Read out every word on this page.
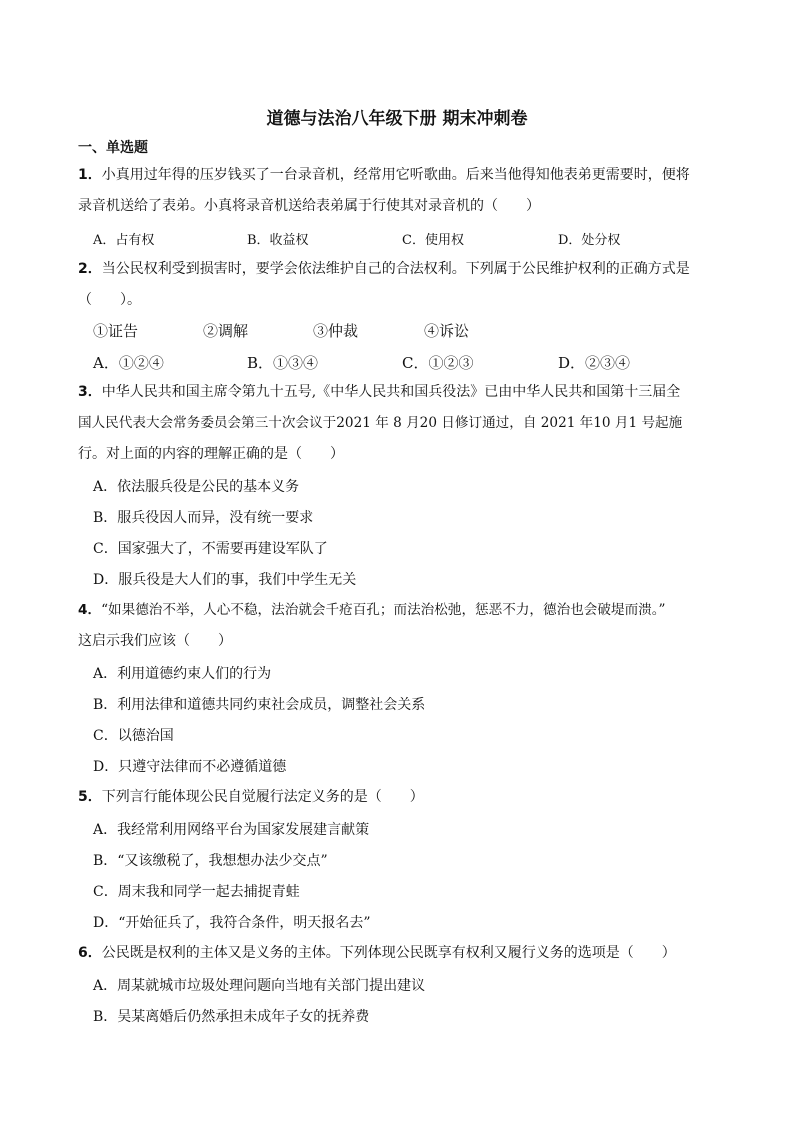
道德与法治八年级下册 期末冲刺卷
一、单选题
1．小真用过年得的压岁钱买了一台录音机，经常用它听歌曲。后来当他得知他表弟更需要时，便将
录音机送给了表弟。小真将录音机送给表弟属于行使其对录音机的（　　）
A．占有权	B．收益权	C．使用权	D．处分权
2．当公民权利受到损害时，要学会依法维护自己的合法权利。下列属于公民维护权利的正确方式是
（　　）。
①证告	②调解	③仲裁	④诉讼
A．①②④	B．①③④	C．①②③	D．②③④
3．中华人民共和国主席令第九十五号,《中华人民共和国兵役法》已由中华人民共和国第十三届全
国人民代表大会常务委员会第三十次会议于2021 年 8 月20 日修订通过，自 2021 年10 月1 号起施
行。对上面的内容的理解正确的是（　　）
A．依法服兵役是公民的基本义务
B．服兵役因人而异，没有统一要求
C．国家强大了，不需要再建设军队了
D．服兵役是大人们的事，我们中学生无关
4．“如果德治不举，人心不稳，法治就会千疮百孔；而法治松弛，惩恶不力，德治也会破堤而溃。”
这启示我们应该（　　）
A．利用道德约束人们的行为
B．利用法律和道德共同约束社会成员，调整社会关系
C．以德治国
D．只遵守法律而不必遵循道德
5．下列言行能体现公民自觉履行法定义务的是（　　）
A．我经常利用网络平台为国家发展建言献策
B．“又该缴税了，我想想办法少交点”
C．周末我和同学一起去捕捉青蛙
D．“开始征兵了，我符合条件，明天报名去”
6．公民既是权利的主体又是义务的主体。下列体现公民既享有权利又履行义务的选项是（　　）
A．周某就城市垃圾处理问题向当地有关部门提出建议
B．吴某离婚后仍然承担未成年子女的抚养费
